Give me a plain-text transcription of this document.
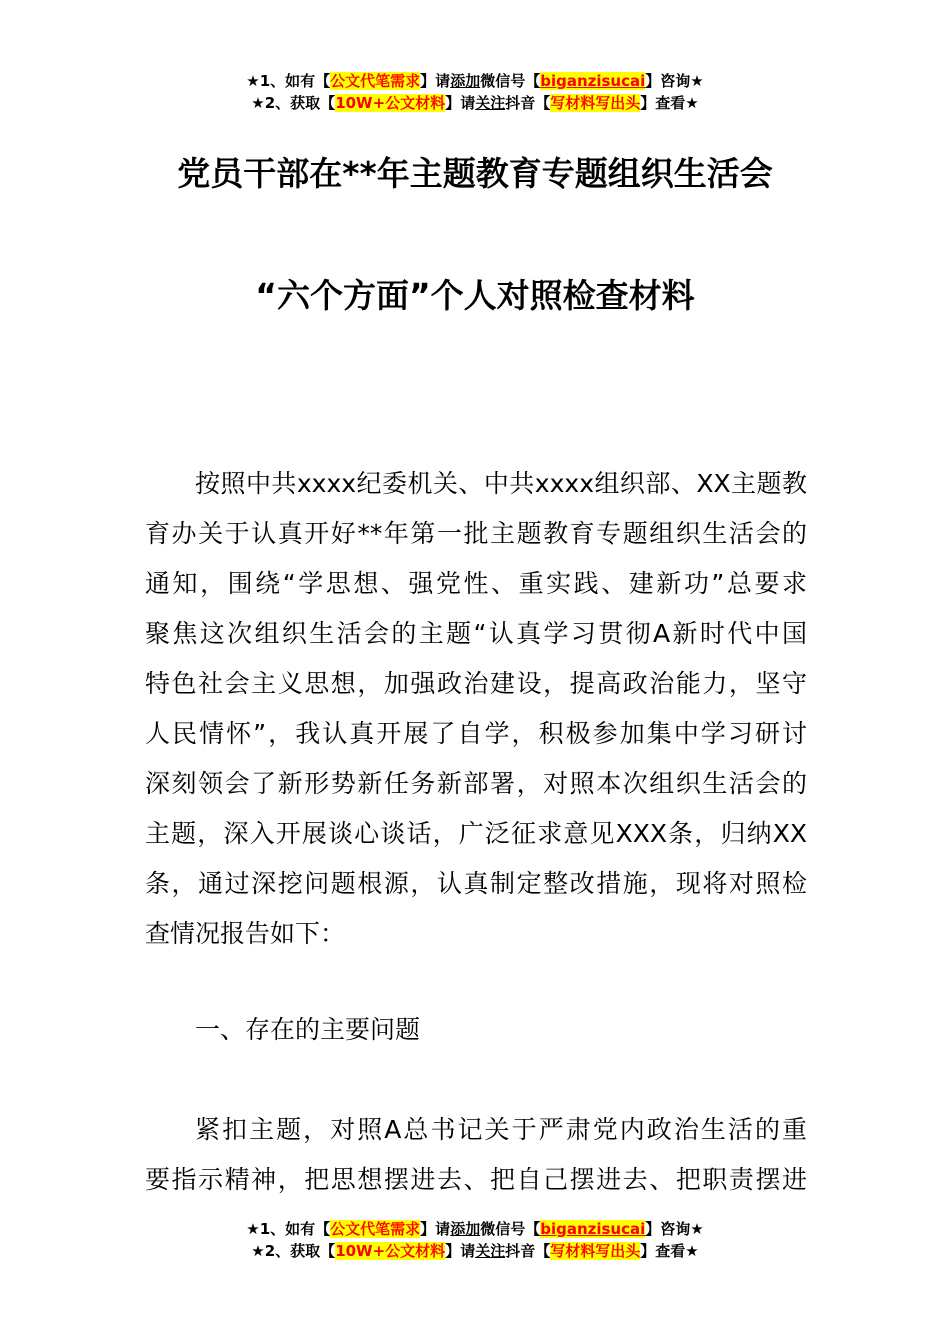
★1、如有【公文代笔需求】请添加微信号【biganzisucai】咨询★
★2、获取【10W+公文材料】请关注抖音【写材料写出头】查看★
党员干部在**年主题教育专题组织生活会
“六个方面”个人对照检查材料
按照中共xxxx纪委机关、中共xxxx组织部、XX主题教
育办关于认真开好**年第一批主题教育专题组织生活会的
通知，围绕“学思想、强党性、重实践、建新功”总要求
聚焦这次组织生活会的主题“认真学习贯彻A新时代中国
特色社会主义思想，加强政治建设，提高政治能力，坚守
人民情怀”，我认真开展了自学，积极参加集中学习研讨
深刻领会了新形势新任务新部署，对照本次组织生活会的
主题，深入开展谈心谈话，广泛征求意见XXX条，归纳XX
条，通过深挖问题根源，认真制定整改措施，现将对照检
查情况报告如下：
一、存在的主要问题
紧扣主题，对照A总书记关于严肃党内政治生活的重
要指示精神，把思想摆进去、把自己摆进去、把职责摆进
★1、如有【公文代笔需求】请添加微信号【biganzisucai】咨询★
★2、获取【10W+公文材料】请关注抖音【写材料写出头】查看★
